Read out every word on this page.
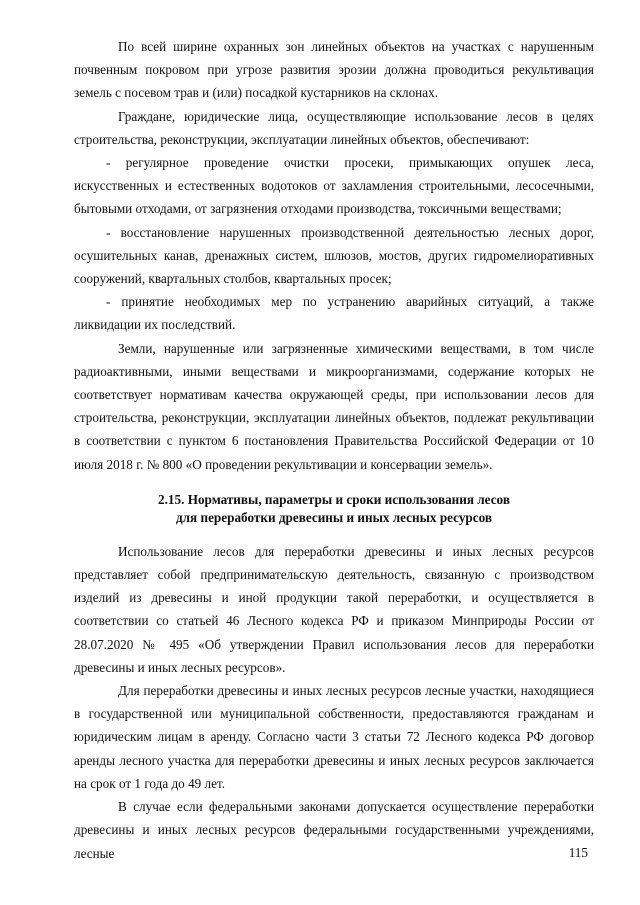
По всей ширине охранных зон линейных объектов на участках с нарушенным почвенным покровом при угрозе развития эрозии должна проводиться рекультивация земель с посевом трав и (или) посадкой кустарников на склонах.

Граждане, юридические лица, осуществляющие использование лесов в целях строительства, реконструкции, эксплуатации линейных объектов, обеспечивают:

- регулярное проведение очистки просеки, примыкающих опушек леса, искусственных и естественных водотоков от захламления строительными, лесосечными, бытовыми отходами, от загрязнения отходами производства, токсичными веществами;

- восстановление нарушенных производственной деятельностью лесных дорог, осушительных канав, дренажных систем, шлюзов, мостов, других гидромелиоративных сооружений, квартальных столбов, квартальных просек;

- принятие необходимых мер по устранению аварийных ситуаций, а также ликвидации их последствий.

Земли, нарушенные или загрязненные химическими веществами, в том числе радиоактивными, иными веществами и микроорганизмами, содержание которых не соответствует нормативам качества окружающей среды, при использовании лесов для строительства, реконструкции, эксплуатации линейных объектов, подлежат рекультивации в соответствии с пунктом 6 постановления Правительства Российской Федерации от 10 июля 2018 г. № 800 «О проведении рекультивации и консервации земель».

2.15. Нормативы, параметры и сроки использования лесов
для переработки древесины и иных лесных ресурсов

Использование лесов для переработки древесины и иных лесных ресурсов представляет собой предпринимательскую деятельность, связанную с производством изделий из древесины и иной продукции такой переработки, и осуществляется в соответствии со статьей 46 Лесного кодекса РФ и приказом Минприроды России от 28.07.2020 № 495 «Об утверждении Правил использования лесов для переработки древесины и иных лесных ресурсов».

Для переработки древесины и иных лесных ресурсов лесные участки, находящиеся в государственной или муниципальной собственности, предоставляются гражданам и юридическим лицам в аренду. Согласно части 3 статьи 72 Лесного кодекса РФ договор аренды лесного участка для переработки древесины и иных лесных ресурсов заключается на срок от 1 года до 49 лет.

В случае если федеральными законами допускается осуществление переработки древесины и иных лесных ресурсов федеральными государственными учреждениями, лесные	115
